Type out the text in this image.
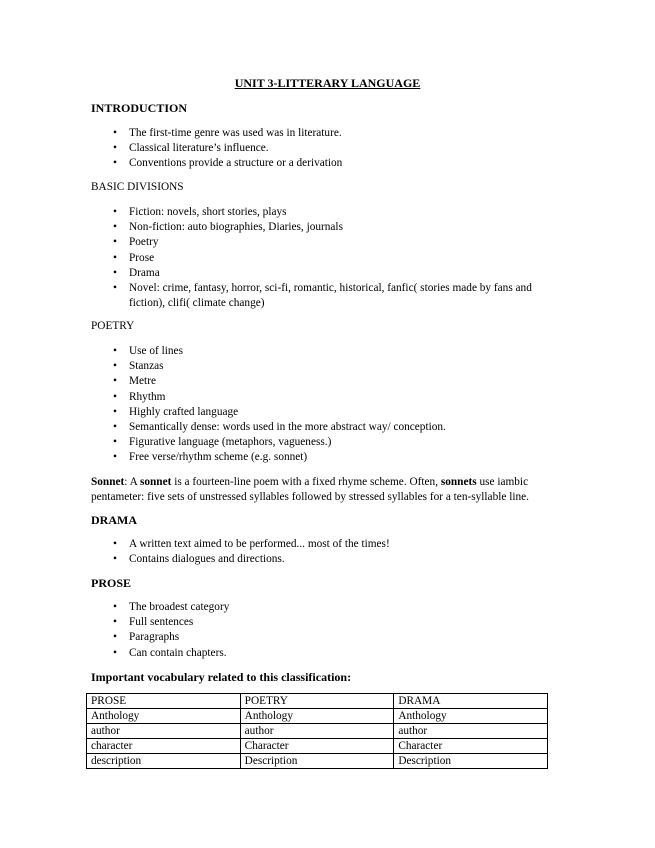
UNIT 3-LITTERARY LANGUAGE
INTRODUCTION
• The first-time genre was used was in literature.
• Classical literature’s influence.
• Conventions provide a structure or a derivation
BASIC DIVISIONS
• Fiction: novels, short stories, plays
• Non-fiction: auto biographies, Diaries, journals
• Poetry
• Prose
• Drama
• Novel: crime, fantasy, horror, sci-fi, romantic, historical, fanfic( stories made by fans and fiction), clifi( climate change)
POETRY
• Use of lines
• Stanzas
• Metre
• Rhythm
• Highly crafted language
• Semantically dense: words used in the more abstract way/ conception.
• Figurative language (metaphors, vagueness.)
• Free verse/rhythm scheme (e.g. sonnet)
Sonnet: A sonnet is a fourteen-line poem with a fixed rhyme scheme. Often, sonnets use iambic pentameter: five sets of unstressed syllables followed by stressed syllables for a ten-syllable line.
DRAMA
• A written text aimed to be performed... most of the times!
• Contains dialogues and directions.
PROSE
• The broadest category
• Full sentences
• Paragraphs
• Can contain chapters.
Important vocabulary related to this classification:
PROSE	POETRY	DRAMA
Anthology	Anthology	Anthology
author	author	author
character	Character	Character
description	Description	Description
